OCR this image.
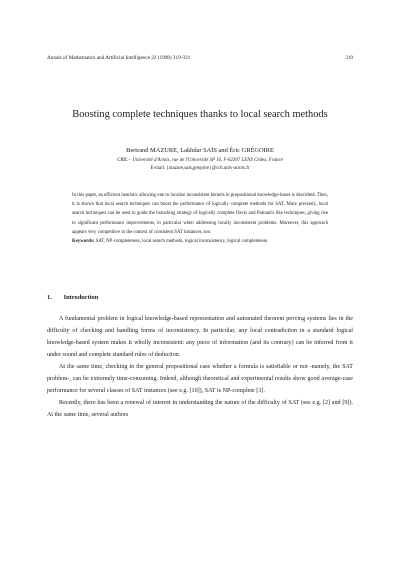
Annals of Mathematics and Artificial Intelligence 22 (1998) 319-331	319
Boosting complete techniques thanks to local search methods
Bertrand MAZURE, Lakhdar SAÏS and Éric GRÉGOIRE
CRIL – Université d'Artois, rue de l'Université SP 16, F-62307 LENS Cédex, France
E-mail: {mazure,sais,gregoire}@cril.univ-artois.fr

In this paper, an efficient heuristic allowing one to localize inconsistent kernels in propositional knowledge-bases is described. Then, it is shown that local search techniques can boost the performance of logically complete methods for SAT. More precisely, local search techniques can be used to guide the branching strategy of logically complete Davis and Putnam's like techniques, giving rise to significant performance improvements, in particular when addressing locally inconsistent problems. Moreover, this approach appears very competitive in the context of consistent SAT instances, too.
Keywords: SAT, NP-completeness, local search methods, logical inconsistency, logical completeness

1. Introduction

A fundamental problem in logical knowledge-based representation and automated theorem proving systems lies in the difficulty of checking and handling forms of inconsistency. In particular, any local contradiction in a standard logical knowledge-based system makes it wholly inconsistent: any piece of information (and its contrary) can be inferred from it under sound and complete standard rules of deduction.

At the same time, checking in the general propositional case whether a formula is satisfiable or not -namely, the SAT problem-, can be extremely time-consuming. Indeed, although theoretical and experimental results show good average-case performance for several classes of SAT instances (see e.g. [10]), SAT is NP-complete [3].

Recently, there has been a renewal of interest in understanding the nature of the difficulty of SAT (see e.g. [2] and [9]). At the same time, several authors
